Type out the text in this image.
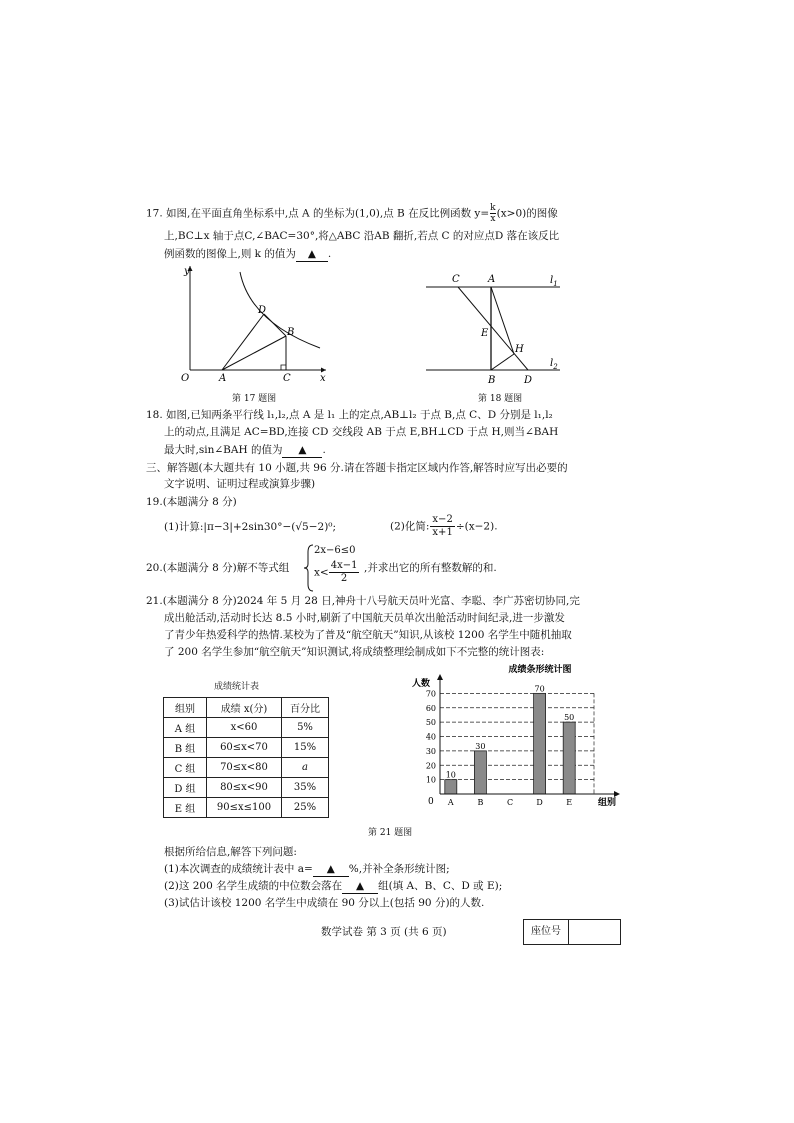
17. 如图,在平面直角坐标系中,点 A 的坐标为(1,0),点 B 在反比例函数 $y= \frac{k}{x} (x>0)$的图像
上,BC⊥x 轴于点C,∠BAC=30°,将△ABC 沿AB 翻折,若点 C 的对应点D 落在该反比
例函数的图像上,则 k 的值为 ▲ .
y
x
O	A	C
B
D
第 17 题图
C	A	$l_1$
E
H
$l_2$
B	D
第 18 题图
18. 如图,已知两条平行线 l₁,l₂,点 A 是 l₁ 上的定点,AB⊥l₂ 于点 B,点 C、D 分别是 l₁,l₂
上的动点,且满足 AC=BD,连接 CD 交线段 AB 于点 E,BH⊥CD 于点 H,则当∠BAH
最大时,sin∠BAH 的值为 ▲ .
三、解答题(本大题共有 10 小题,共 96 分.请在答题卡指定区域内作答,解答时应写出必要的
文字说明、证明过程或演算步骤)
19.(本题满分 8 分)
(1)计算:|π−3|+2sin30°−(√5−2)⁰;	(2)化简: $\frac{x-2}{x+1} \div(x-2)$.
20.(本题满分 8 分)解不等式组
2x−6≤0
$x< \frac{4x-1}{2}$ ,并求出它的所有整数解的和.
21.(本题满分 8 分)2024 年 5 月 28 日,神舟十八号航天员叶光富、李聪、李广苏密切协同,完
成出舱活动,活动时长达 8.5 小时,刷新了中国航天员单次出舱活动时间纪录,进一步激发
了青少年热爱科学的热情.某校为了普及“航空航天”知识,从该校 1200 名学生中随机抽取
了 200 名学生参加“航空航天”知识测试,将成绩整理绘制成如下不完整的统计图表:
成绩统计表
组别	成绩 x(分)	百分比
A 组	x<60	5%
B 组	60≤x<70	15%
C 组	70≤x<80	a
D 组	80≤x<90	35%
E 组	90≤x≤100	25%
成绩条形统计图
人数
组别
0
10
30
70
50
10
20
30
40
50
60
70
A	B	C	D	E
第 21 题图
根据所给信息,解答下列问题:
(1)本次调查的成绩统计表中 a= ▲ %,并补全条形统计图;
(2)这 200 名学生成绩的中位数会落在 ▲ 组(填 A、B、C、D 或 E);
(3)试估计该校 1200 名学生中成绩在 90 分以上(包括 90 分)的人数.
数学试卷 第 3 页 (共 6 页)	座位号
